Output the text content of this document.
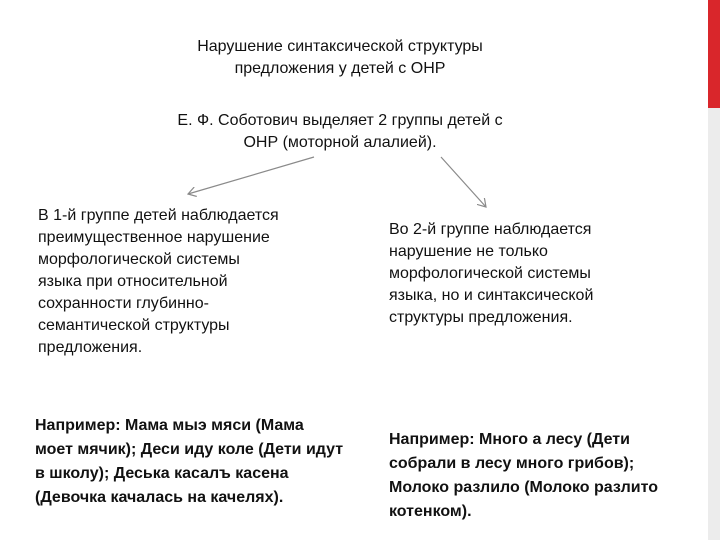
Нарушение синтаксической структуры предложения у детей с ОНР
Е. Ф. Соботович выделяет 2 группы детей с ОНР (моторной алалией).
В 1-й группе детей наблюдается преимущественное нарушение морфологической системы языка при относительной сохранности глубинно-семантической структуры предложения.
Во 2-й группе наблюдается нарушение не только морфологической системы языка, но и синтаксической структуры предложения.
Например: Мама мыэ мяси (Мама моет мячик); Деси иду коле (Дети идут в школу); Деська касалъ касена (Девочка качалась на качелях).
Например: Много а лесу (Дети собрали в лесу много грибов); Молоко разлило (Молоко разлито котенком).
